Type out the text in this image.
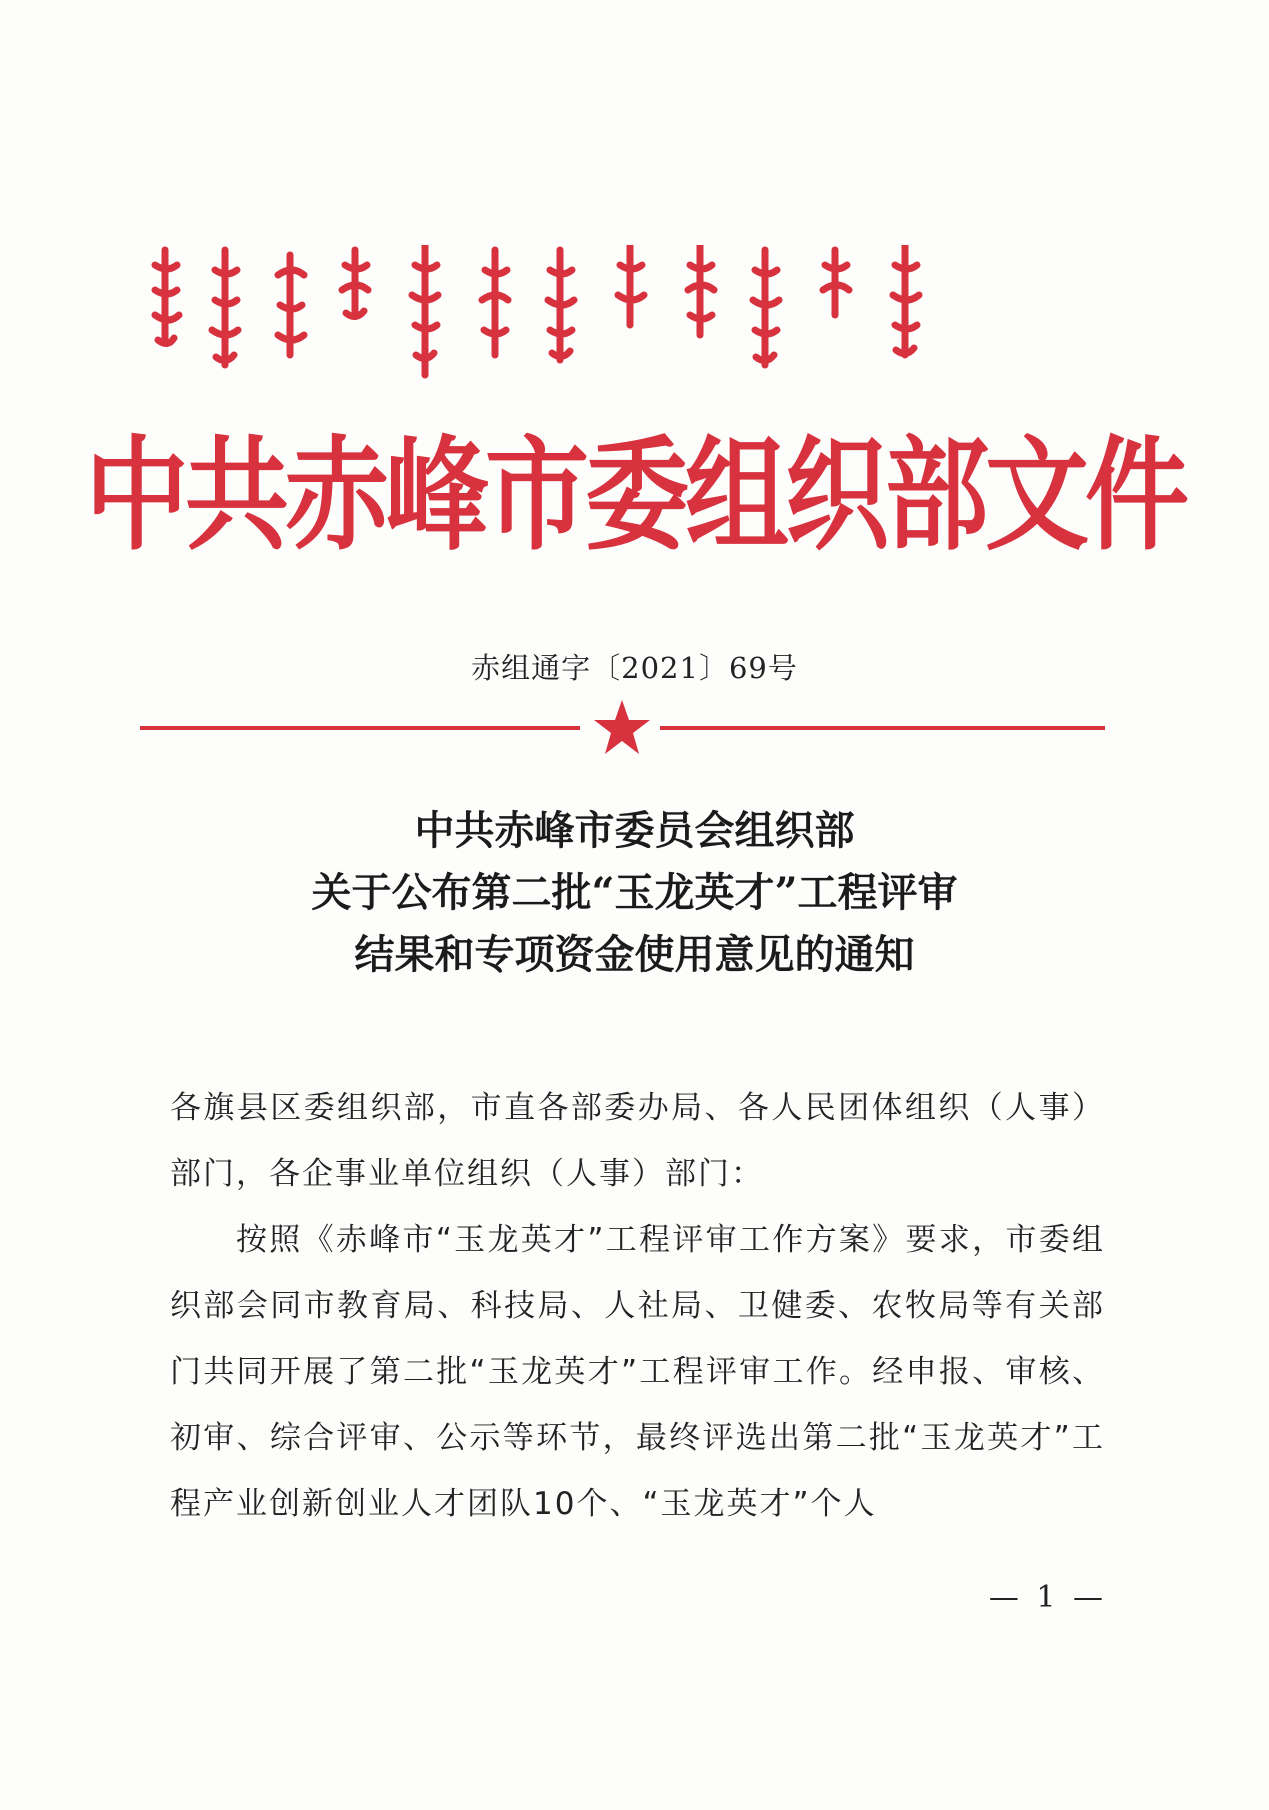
中共赤峰市委组织部文件
赤组通字〔2021〕69号
中共赤峰市委员会组织部
关于公布第二批“玉龙英才”工程评审
结果和专项资金使用意见的通知

各旗县区委组织部，市直各部委办局、各人民团体组织（人事）部门，各企事业单位组织（人事）部门：

按照《赤峰市“玉龙英才”工程评审工作方案》要求，市委组织部会同市教育局、科技局、人社局、卫健委、农牧局等有关部门共同开展了第二批“玉龙英才”工程评审工作。经申报、审核、初审、综合评审、公示等环节，最终评选出第二批“玉龙英才”工程产业创新创业人才团队10个、“玉龙英才”个人

— 1 —
